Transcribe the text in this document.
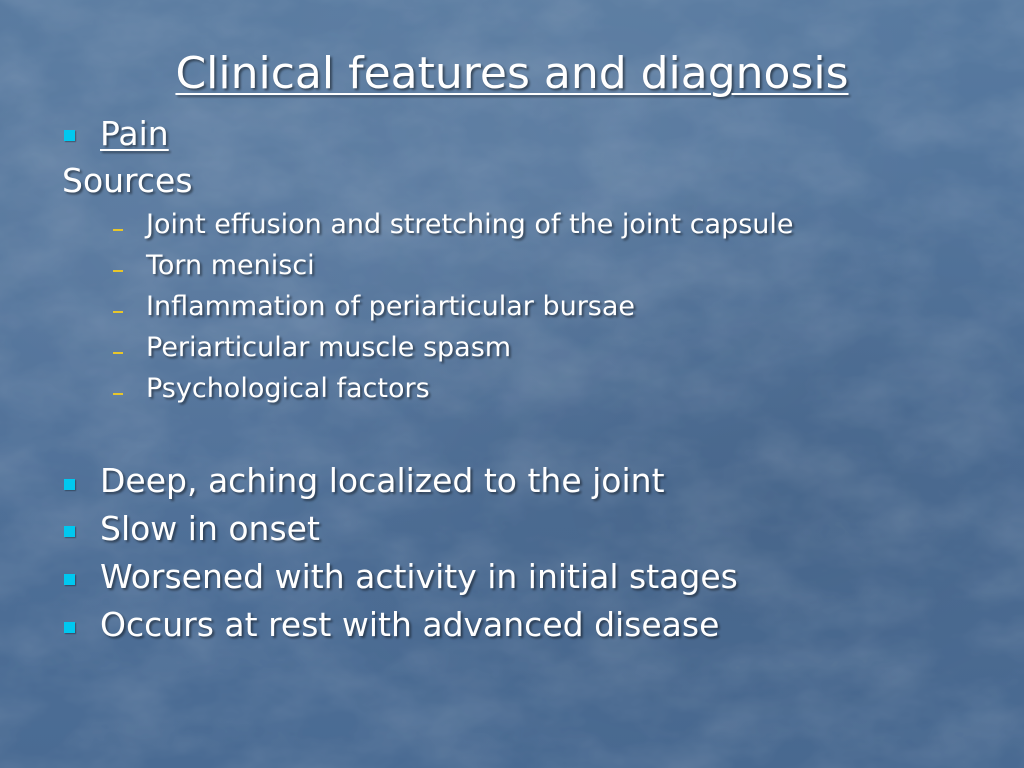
Clinical features and diagnosis
Pain
Sources
Joint effusion and stretching of the joint capsule
Torn menisci
Inflammation of periarticular bursae
Periarticular muscle spasm
Psychological factors
Deep, aching localized to the joint
Slow in onset
Worsened with activity in initial stages
Occurs at rest with advanced disease
